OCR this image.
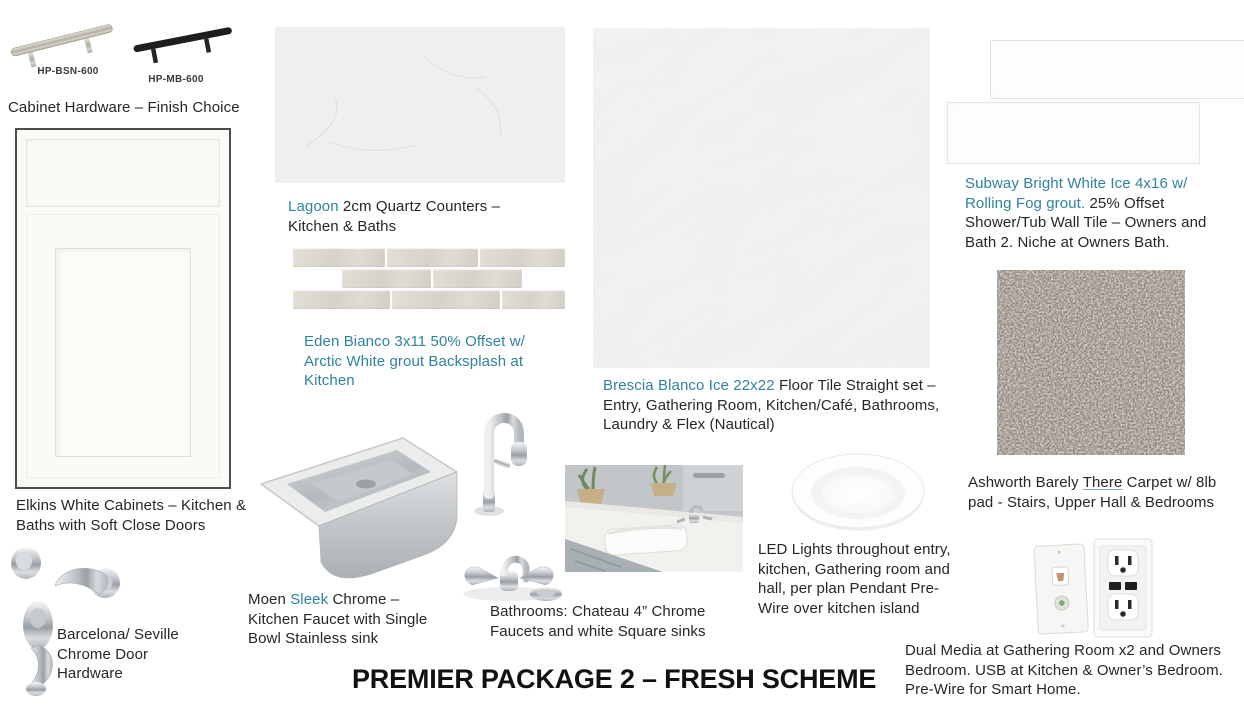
HP-BSN-600
HP-MB-600
Cabinet Hardware – Finish Choice
Elkins White Cabinets – Kitchen & Baths with Soft Close Doors
Barcelona/ Seville Chrome Door Hardware
Lagoon 2cm Quartz Counters – Kitchen & Baths
Eden Bianco 3x11 50% Offset w/ Arctic White grout Backsplash at Kitchen
Moen Sleek Chrome – Kitchen Faucet with Single Bowl Stainless sink
Bathrooms: Chateau 4” Chrome Faucets and white Square sinks
Brescia Blanco Ice 22x22 Floor Tile Straight set – Entry, Gathering Room, Kitchen/Café, Bathrooms, Laundry & Flex (Nautical)
LED Lights throughout entry, kitchen, Gathering room and hall, per plan Pendant Pre-Wire over kitchen island
Subway Bright White Ice 4x16 w/ Rolling Fog grout. 25% Offset Shower/Tub Wall Tile – Owners and Bath 2. Niche at Owners Bath.
Ashworth Barely There Carpet w/ 8lb pad - Stairs, Upper Hall & Bedrooms
Dual Media at Gathering Room x2 and Owners Bedroom. USB at Kitchen & Owner’s Bedroom. Pre-Wire for Smart Home.
PREMIER PACKAGE 2 – FRESH SCHEME
